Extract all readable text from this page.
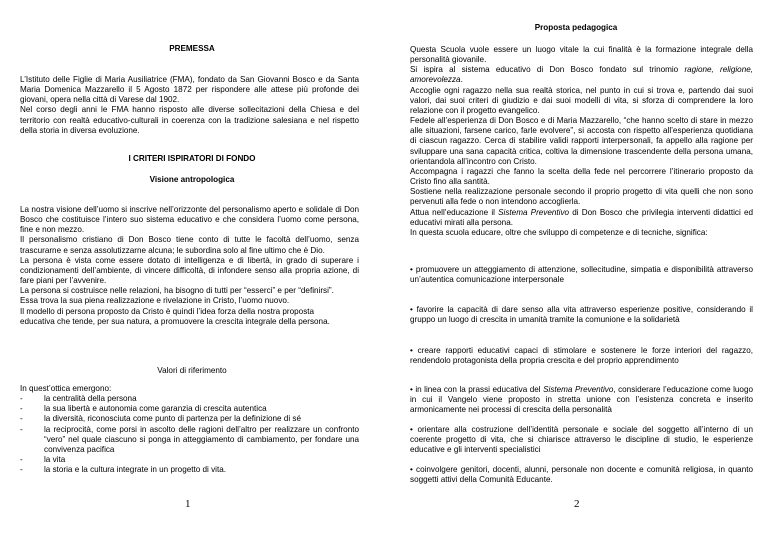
PREMESSA

L’Istituto delle Figlie di Maria Ausiliatrice (FMA), fondato da San Giovanni Bosco e da Santa Maria Domenica Mazzarello il 5 Agosto 1872 per rispondere alle attese più profonde dei giovani, opera nella città di Varese dal 1902.

Nel corso degli anni le FMA hanno risposto alle diverse sollecitazioni della Chiesa e del territorio con realtà educativo-culturali in coerenza con la tradizione salesiana e nel rispetto della storia in diversa evoluzione.

I CRITERI ISPIRATORI DI FONDO
Visione antropologica

La nostra visione dell’uomo si inscrive nell’orizzonte del personalismo aperto e solidale di Don Bosco che costituisce l’intero suo sistema educativo e che considera l’uomo come persona, fine e non mezzo.

Il personalismo cristiano di Don Bosco tiene conto di tutte le facoltà dell’uomo, senza trascurarne e senza assolutizzarne alcuna; le subordina solo al fine ultimo che è Dio.

La persona è vista come essere dotato di intelligenza e di libertà, in grado di superare i condizionamenti dell’ambiente, di vincere difficoltà, di infondere senso alla propria azione, di fare piani per l’avvenire.

La persona si costruisce nelle relazioni, ha bisogno di tutti per “esserci” e per “definirsi”.

Essa trova la sua piena realizzazione e rivelazione in Cristo, l’uomo nuovo.

Il modello di persona proposto da Cristo è quindi l’idea forza della nostra proposta educativa che tende, per sua natura, a promuovere la crescita integrale della persona.

Valori di riferimento

In quest’ottica emergono:

- la centralità della persona
- la sua libertà e autonomia come garanzia di crescita autentica
- la diversità, riconosciuta come punto di partenza per la definizione di sé
- la reciprocità, come porsi in ascolto delle ragioni dell’altro per realizzare un confronto “vero” nel quale ciascuno si ponga in atteggiamento di cambiamento, per fondare una convivenza pacifica
- la vita
- la storia e la cultura integrate in un progetto di vita.
1
Proposta pedagogica

Questa Scuola vuole essere un luogo vitale la cui finalità è la formazione integrale della personalità giovanile.

Si ispira al sistema educativo di Don Bosco fondato sul trinomio ragione, religione, amorevolezza.

Accoglie ogni ragazzo nella sua realtà storica, nel punto in cui si trova e, partendo dai suoi valori, dai suoi criteri di giudizio e dai suoi modelli di vita, si sforza di comprendere la loro relazione con il progetto evangelico.

Fedele all’esperienza di Don Bosco e di Maria Mazzarello, “che hanno scelto di stare in mezzo alle situazioni, farsene carico, farle evolvere”, si accosta con rispetto all’esperienza quotidiana di ciascun ragazzo. Cerca di stabilire validi rapporti interpersonali, fa appello alla ragione per sviluppare una sana capacità critica, coltiva la dimensione trascendente della persona umana, orientandola all’incontro con Cristo.

Accompagna i ragazzi che fanno la scelta della fede nel percorrere l’itinerario proposto da Cristo fino alla santità.

Sostiene nella realizzazione personale secondo il proprio progetto di vita quelli che non sono pervenuti alla fede o non intendono accoglierla.

Attua nell’educazione il Sistema Preventivo di Don Bosco che privilegia interventi didattici ed educativi mirati alla persona.

In questa scuola educare, oltre che sviluppo di competenze e di tecniche, significa:

• promuovere un atteggiamento di attenzione, sollecitudine, simpatia e disponibilità attraverso un’autentica comunicazione interpersonale

• favorire la capacità di dare senso alla vita attraverso esperienze positive, considerando il gruppo un luogo di crescita in umanità tramite la comunione e la solidarietà

• creare rapporti educativi capaci di stimolare e sostenere le forze interiori del ragazzo, rendendolo protagonista della propria crescita e del proprio apprendimento

• in linea con la prassi educativa del Sistema Preventivo, considerare l’educazione come luogo in cui il Vangelo viene proposto in stretta unione con l’esistenza concreta e inserito armonicamente nei processi di crescita della personalità

• orientare alla costruzione dell’identità personale e sociale del soggetto all’interno di un coerente progetto di vita, che si chiarisce attraverso le discipline di studio, le esperienze educative e gli interventi specialistici

• coinvolgere genitori, docenti, alunni, personale non docente e comunità religiosa, in quanto soggetti attivi della Comunità Educante.

2
